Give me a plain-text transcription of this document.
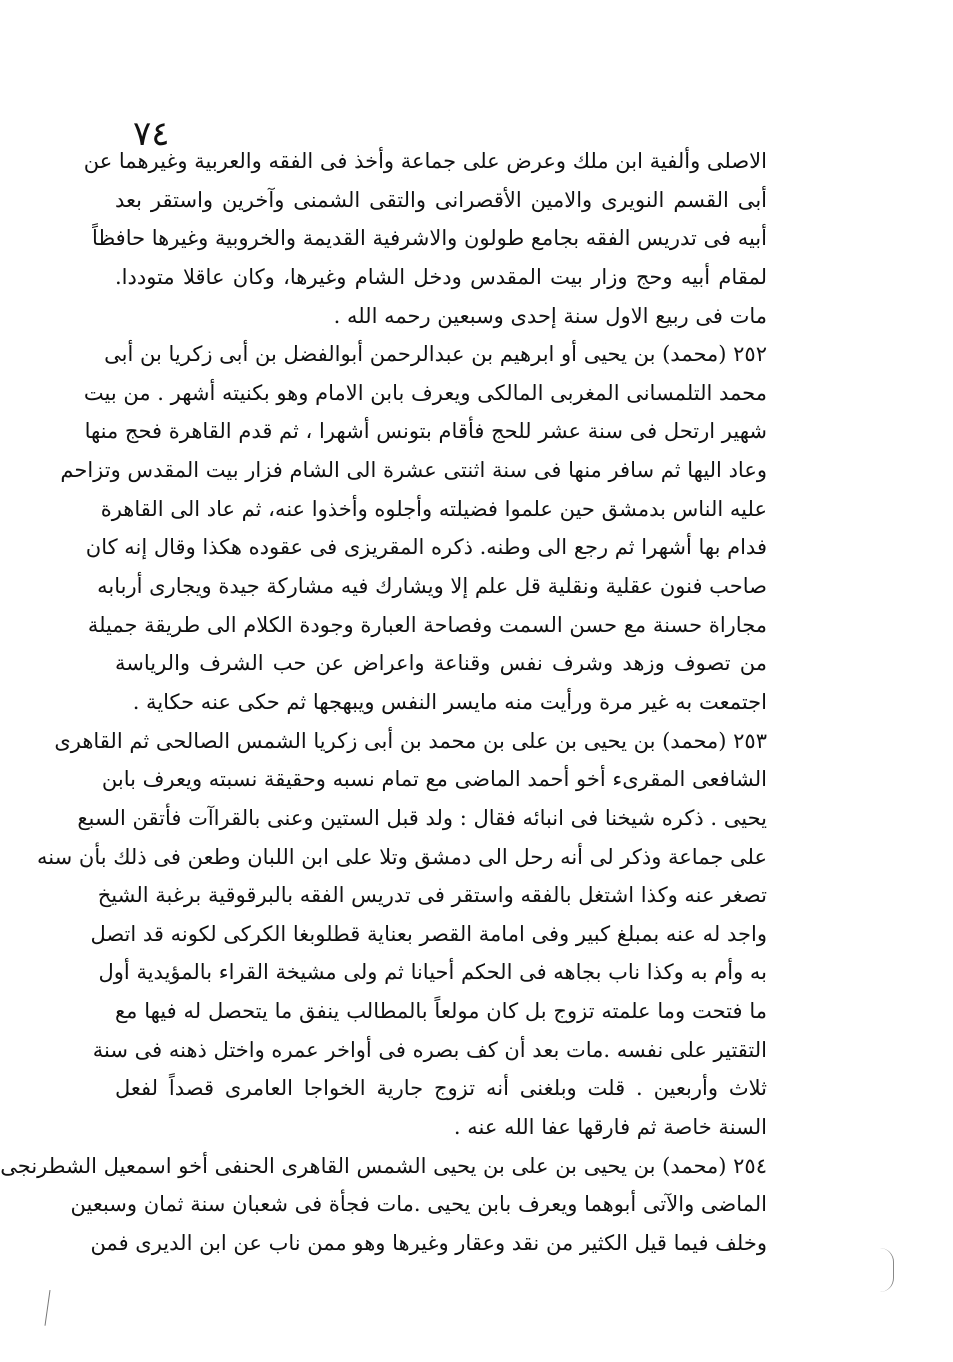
٧٤
الاصلى وألفية ابن ملك وعرض على جماعة وأخذ فى الفقه والعربية وغيرهما عن
أبى القسم النويرى والامين الأقصرانى والتقى الشمنى وآخرين واستقر بعد
أبيه فى تدريس الفقه بجامع طولون والاشرفية القديمة والخروبية وغيرها حافظاً
لمقام أبيه وحج وزار بيت المقدس ودخل الشام وغيرها، وكان عاقلا متوددا.
مات فى ربيع الاول سنة إحدى وسبعين رحمه الله .
٢٥٢ (محمد) بن يحيى أو ابرهيم بن عبدالرحمن أبوالفضل بن أبى زكريا بن أبى
محمد التلمسانى المغربى المالكى ويعرف بابن الامام وهو بكنيته أشهر . من بيت
شهير ارتحل فى سنة عشر للحج فأقام بتونس أشهرا ، ثم قدم القاهرة فحج منها
وعاد اليها ثم سافر منها فى سنة اثنتى عشرة الى الشام فزار بيت المقدس وتزاحم
عليه الناس بدمشق حين علموا فضيلته وأجلوه وأخذوا عنه، ثم عاد الى القاهرة
فدام بها أشهرا ثم رجع الى وطنه. ذكره المقريزى فى عقوده هكذا وقال إنه كان
صاحب فنون عقلية ونقلية قل علم إلا ويشارك فيه مشاركة جيدة ويجارى أربابه
مجاراة حسنة مع حسن السمت وفصاحة العبارة وجودة الكلام الى طريقة جميلة
من تصوف وزهد وشرف نفس وقناعة واعراض عن حب الشرف والرياسة
اجتمعت به غير مرة ورأيت منه مايسر النفس ويبهجها ثم حكى عنه حكاية .
٢٥٣ (محمد) بن يحيى بن على بن محمد بن أبى زكريا الشمس الصالحى ثم القاهرى
الشافعى المقرىء أخو أحمد الماضى مع تمام نسبه وحقيقة نسبته ويعرف بابن
يحيى . ذكره شيخنا فى انبائه فقال : ولد قبل الستين وعنى بالقراآت فأتقن السبع
على جماعة وذكر لى أنه رحل الى دمشق وتلا على ابن اللبان وطعن فى ذلك بأن سنه
تصغر عنه وكذا اشتغل بالفقه واستقر فى تدريس الفقه بالبرقوقية برغبة الشيخ
واجد له عنه بمبلغ كبير وفى امامة القصر بعناية قطلوبغا الكركى لكونه قد اتصل
به وأم به وكذا ناب بجاهه فى الحكم أحيانا ثم ولى مشيخة القراء بالمؤيدية أول
ما فتحت وما علمته تزوج بل كان مولعاً بالمطالب ينفق ما يتحصل له فيها مع
التقتير على نفسه .مات بعد أن كف بصره فى أواخر عمره واختل ذهنه فى سنة
ثلاث وأربعين . قلت وبلغنى أنه تزوج جارية الخواجا العامرى قصداً لفعل
السنة خاصة ثم فارقها عفا الله عنه .
٢٥٤ (محمد) بن يحيى بن على بن يحيى الشمس القاهرى الحنفى أخو اسمعيل الشطرنجى
الماضى والآتى أبوهما ويعرف بابن يحيى .مات فجأة فى شعبان سنة ثمان وسبعين
وخلف فيما قيل الكثير من نقد وعقار وغيرها وهو ممن ناب عن ابن الديرى فمن
